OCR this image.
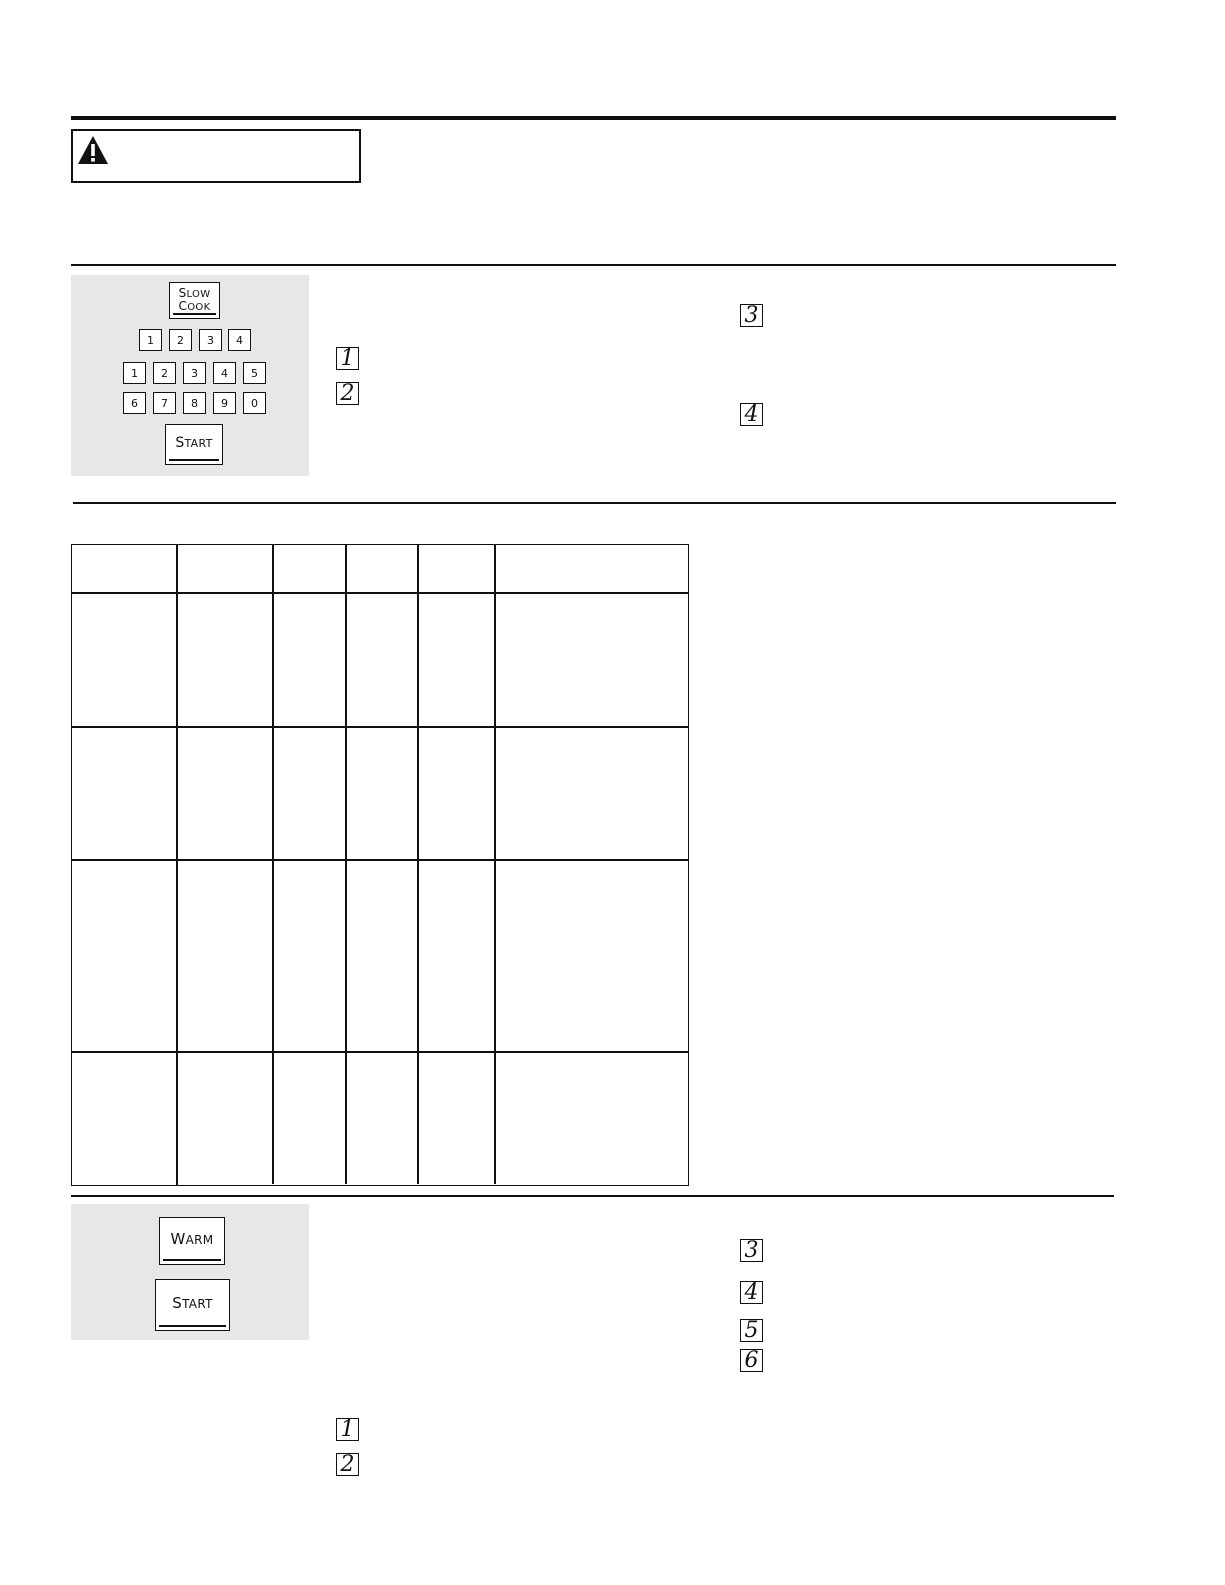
SLOW
COOK
1	2	3	4
1	2	3	4	5
6	7	8	9	0
START
1
2
3
4
WARM
START
1
2
3
4
5
6
